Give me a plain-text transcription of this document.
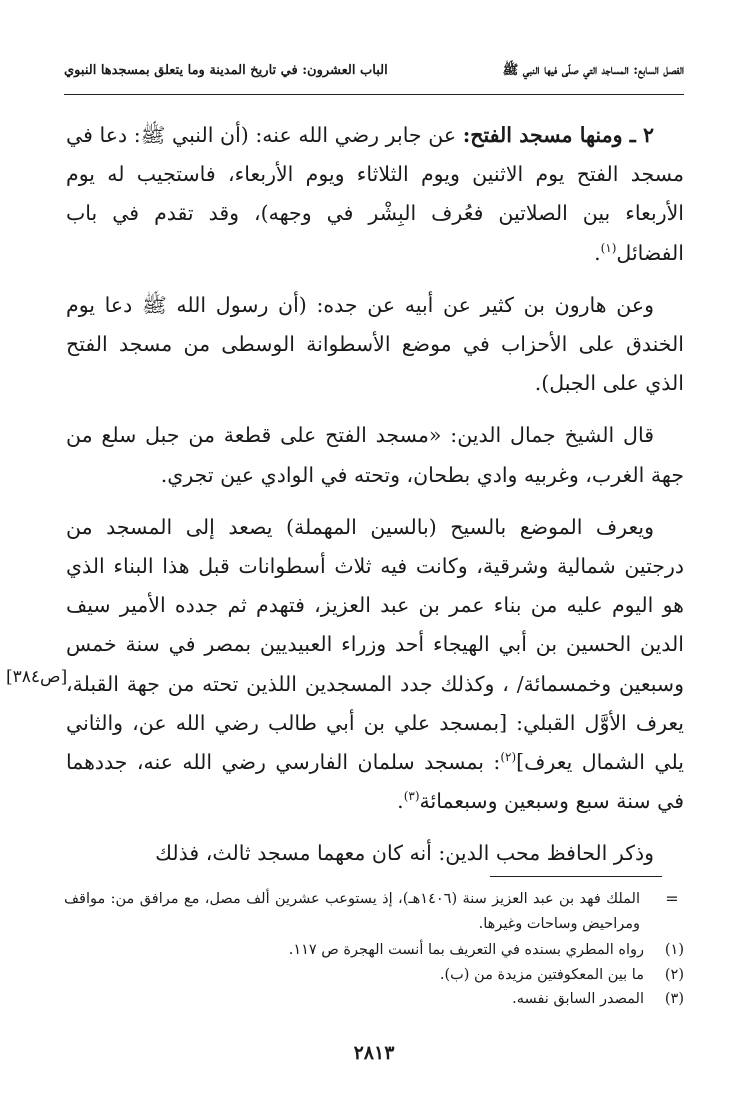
الفصل السابع: المساجد التي صلّى فيها النبي ﷺ
الباب العشرون: في تاريخ المدينة وما يتعلق بمسجدها النبوي

٢ ـ ومنها مسجد الفتح: عن جابر رضي الله عنه: (أن النبي ﷺ: دعا في مسجد الفتح يوم الاثنين ويوم الثلاثاء ويوم الأربعاء، فاستجيب له يوم الأربعاء بين الصلاتين فعُرف البِشْر في وجهه)، وقد تقدم في باب الفضائل$^{(١)}$.

وعن هارون بن كثير عن أبيه عن جده: (أن رسول الله ﷺ دعا يوم الخندق على الأحزاب في موضع الأسطوانة الوسطى من مسجد الفتح الذي على الجبل).

قال الشيخ جمال الدين: «مسجد الفتح على قطعة من جبل سلع من جهة الغرب، وغربيه وادي بطحان، وتحته في الوادي عين تجري.

ويعرف الموضع بالسيح (بالسين المهملة) يصعد إلى المسجد من درجتين شمالية وشرقية، وكانت فيه ثلاث أسطوانات قبل هذا البناء الذي هو اليوم عليه من بناء عمر بن عبد العزيز، فتهدم ثم جدده الأمير سيف الدين الحسين بن أبي الهيجاء أحد وزراء العبيديين بمصر في سنة خمس وسبعين وخمسمائة/ ، وكذلك جدد المسجدين اللذين تحته من جهة القبلة، يعرف الأوَّل القبلي: [بمسجد علي بن أبي طالب رضي الله عن، والثاني يلي الشمال يعرف]$^{(٢)}$: بمسجد سلمان الفارسي رضي الله عنه، جددهما في سنة سبع وسبعين وسبعمائة$^{(٣)}$.

وذكر الحافظ محب الدين: أنه كان معهما مسجد ثالث، فذلك

[ص٣٨٤]
=
الملك فهد بن عبد العزيز سنة (١٤٠٦هـ)، إذ يستوعب عشرين ألف مصل، مع مرافق من: مواقف ومراحيض وساحات وغيرها.
(١)
رواه المطري بسنده في التعريف بما أنست الهجرة ص ١١٧.
(٢)
ما بين المعكوفتين مزيدة من (ب).
(٣)
المصدر السابق نفسه.
٢٨١٣
